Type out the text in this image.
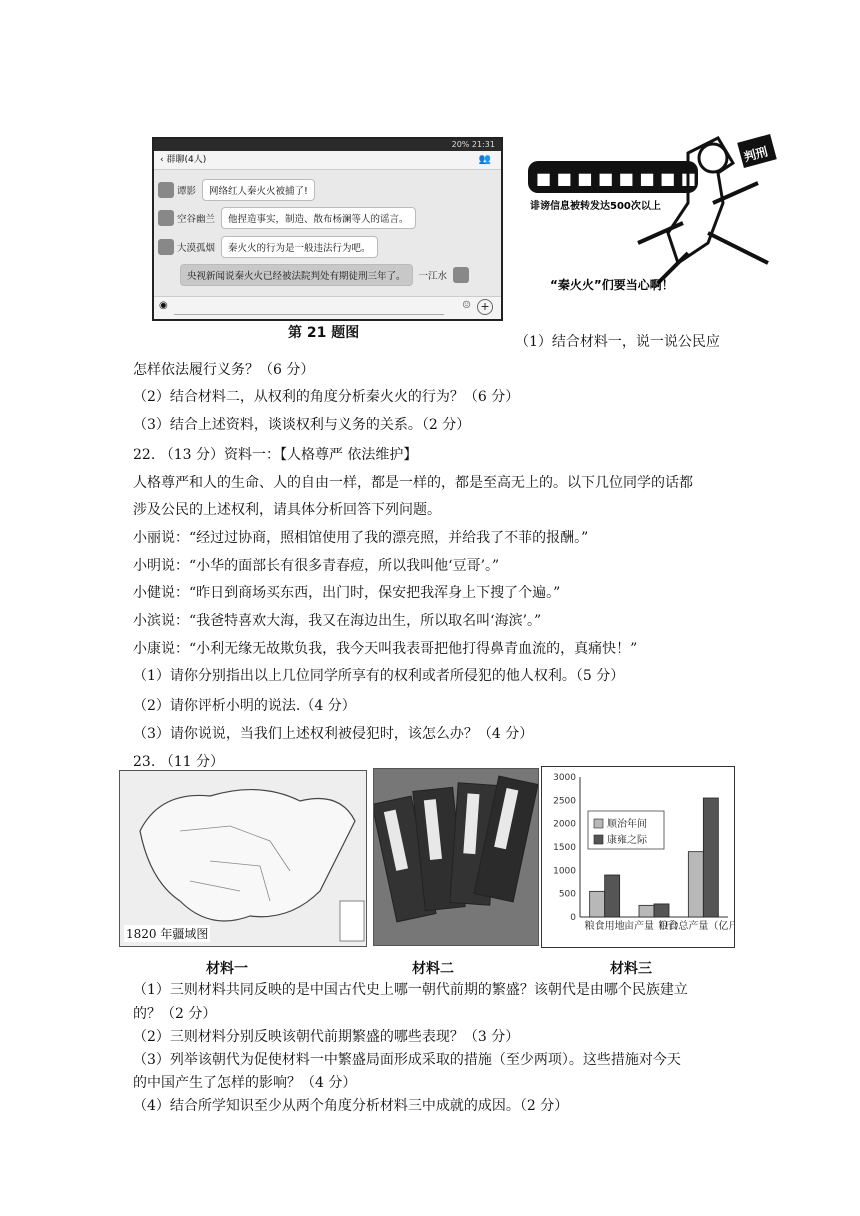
20% 21:31
‹ 群聊(4人)	👥
谭影	网络红人秦火火被捕了!
空谷幽兰	他捏造事实，制造、散布杨澜等人的谣言。
大漠孤烟	秦火火的行为是一般违法行为吧。
央视新闻说秦火火已经被法院判处有期徒刑三年了。	一江水
◉	☺ +
第 21 题图
■ ■ ■ ■ ■ ■ ■ ■ ■
诽谤信息被转发达500次以上
判刑
“秦火火”们要当心啊！
（1）结合材料一，说一说公民应
怎样依法履行义务？（6 分）
（2）结合材料二，从权利的角度分析秦火火的行为？（6 分）
（3）结合上述资料，谈谈权利与义务的关系。（2 分）
22. （13 分）资料一：【人格尊严 依法维护】
人格尊严和人的生命、人的自由一样，都是一样的，都是至高无上的。以下几位同学的话都
涉及公民的上述权利，请具体分析回答下列问题。
小丽说：“经过过协商，照相馆使用了我的漂亮照，并给我了不菲的报酬。”
小明说：“小华的面部长有很多青春痘，所以我叫他‘豆哥’。”
小健说：“昨日到商场买东西，出门时，保安把我浑身上下搜了个遍。”
小滨说：“我爸特喜欢大海，我又在海边出生，所以取名叫‘海滨’。”
小康说：“小利无缘无故欺负我，我今天叫我表哥把他打得鼻青血流的，真痛快！”
（1）请你分别指出以上几位同学所享有的权利或者所侵犯的他人权利。（5 分）
（2）请你评析小明的说法.（4 分）
（3）请你说说，当我们上述权利被侵犯时，该怎么办？（4 分）
23. （11 分）
1820 年疆域图
0
500
1000
1500
2000
2500
3000
粮食用地 亩产量（斤）
粮食总产量（亿斤
顺治年间
康雍之际
材料一	材料二	材料三
（1）三则材料共同反映的是中国古代史上哪一朝代前期的繁盛？该朝代是由哪个民族建立
的？（2 分）
（2）三则材料分别反映该朝代前期繁盛的哪些表现？（3 分）
（3）列举该朝代为促使材料一中繁盛局面形成采取的措施（至少两项）。这些措施对今天
的中国产生了怎样的影响？（4 分）
（4）结合所学知识至少从两个角度分析材料三中成就的成因。（2 分）
